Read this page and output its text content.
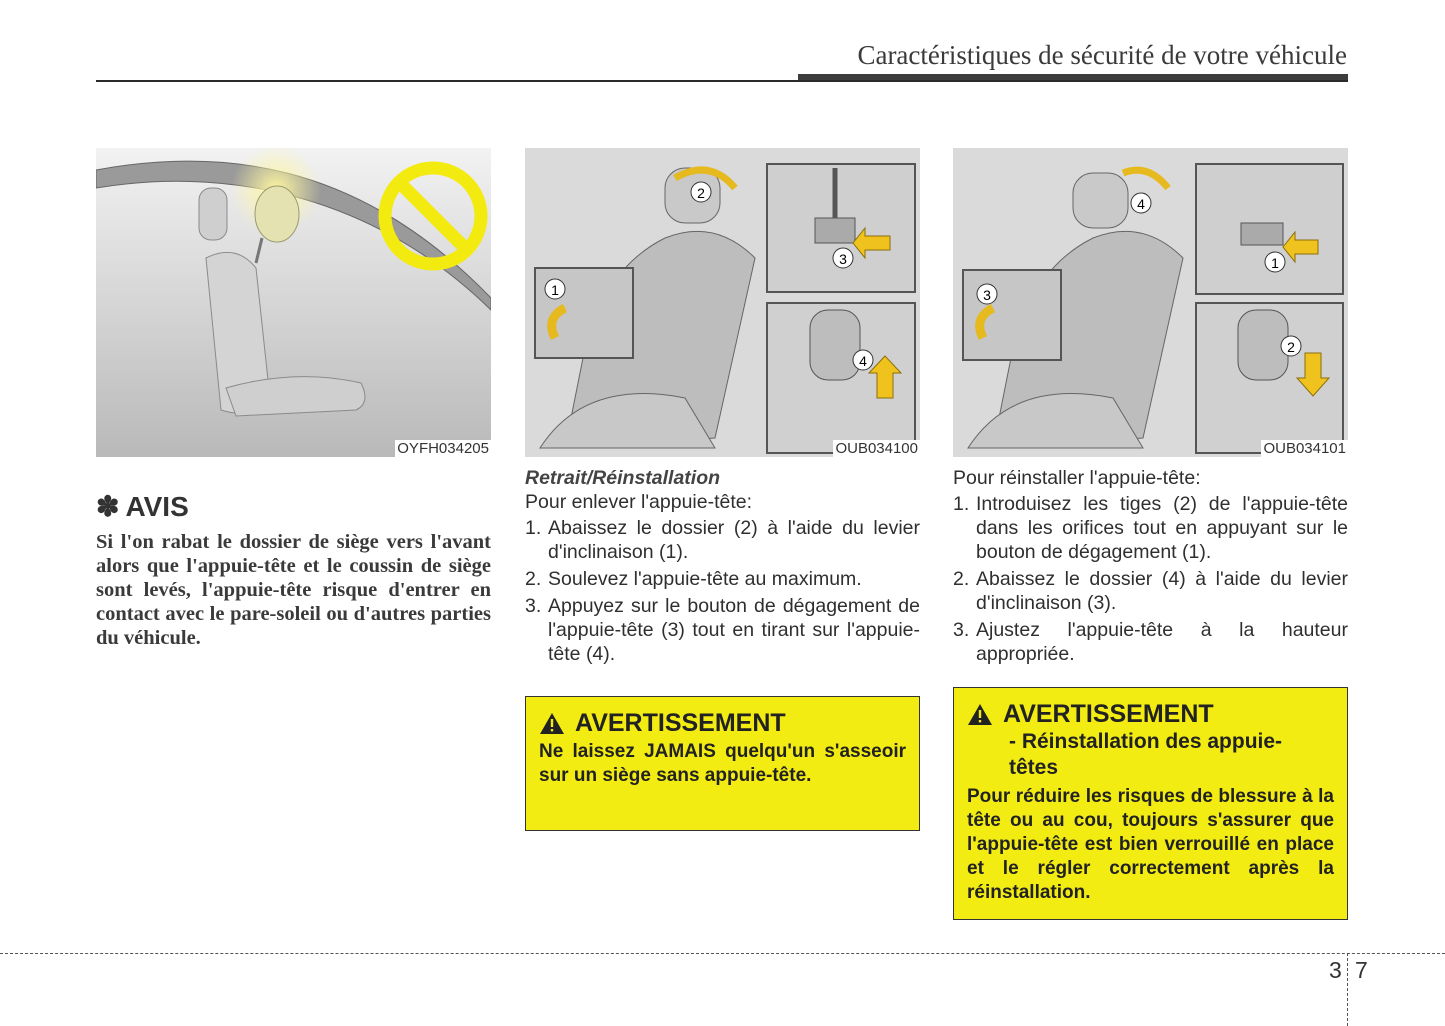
Caractéristiques de sécurité de votre véhicule
OYFH034205
2
3
4
1
OUB034100
4
1
2
3
OUB034101
✽ AVIS
Si l'on rabat le dossier de siège vers l'avant alors que l'appuie-tête et le coussin de siège sont levés, l'appuie-tête risque d'entrer en contact avec le pare-soleil ou d'autres parties du véhicule.
Retrait/Réinstallation
Pour enlever l'appuie-tête:
1. Abaissez le dossier (2) à l'aide du levier d'inclinaison (1).
2. Soulevez l'appuie-tête au maximum.
3. Appuyez sur le bouton de dégagement de l'appuie-tête (3) tout en tirant sur l'appuie-tête (4).
AVERTISSEMENT
Ne laissez JAMAIS quelqu'un s'asseoir sur un siège sans appuie-tête.
Pour réinstaller l'appuie-tête:
1. Introduisez les tiges (2) de l'appuie-tête dans les orifices tout en appuyant sur le bouton de dégagement (1).
2. Abaissez le dossier (4) à l'aide du levier d'inclinaison (3).
3. Ajustez l'appuie-tête à la hauteur appropriée.
AVERTISSEMENT
- Réinstallation des appuie-têtes
Pour réduire les risques de blessure à la tête ou au cou, toujours s'assurer que l'appuie-tête est bien verrouillé en place et le régler correctement après la réinstallation.
3 7
